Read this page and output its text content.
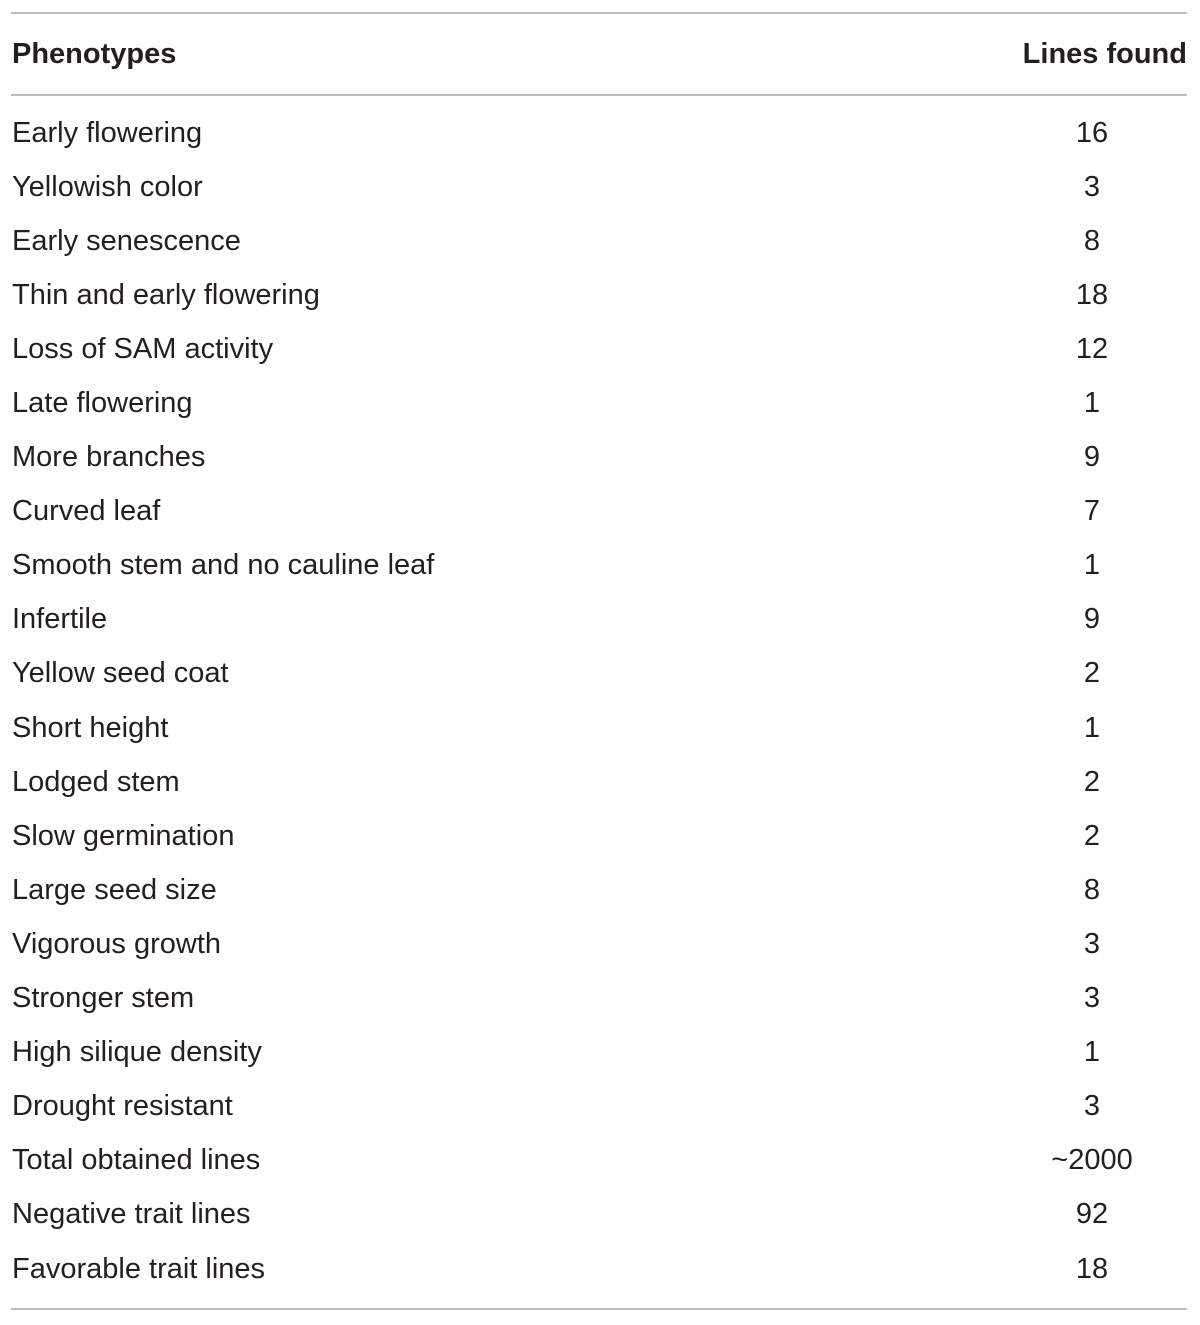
Phenotypes	Lines found
Early flowering	16
Yellowish color	3
Early senescence	8
Thin and early flowering	18
Loss of SAM activity	12
Late flowering	1
More branches	9
Curved leaf	7
Smooth stem and no cauline leaf	1
Infertile	9
Yellow seed coat	2
Short height	1
Lodged stem	2
Slow germination	2
Large seed size	8
Vigorous growth	3
Stronger stem	3
High silique density	1
Drought resistant	3
Total obtained lines	~2000
Negative trait lines	92
Favorable trait lines	18
